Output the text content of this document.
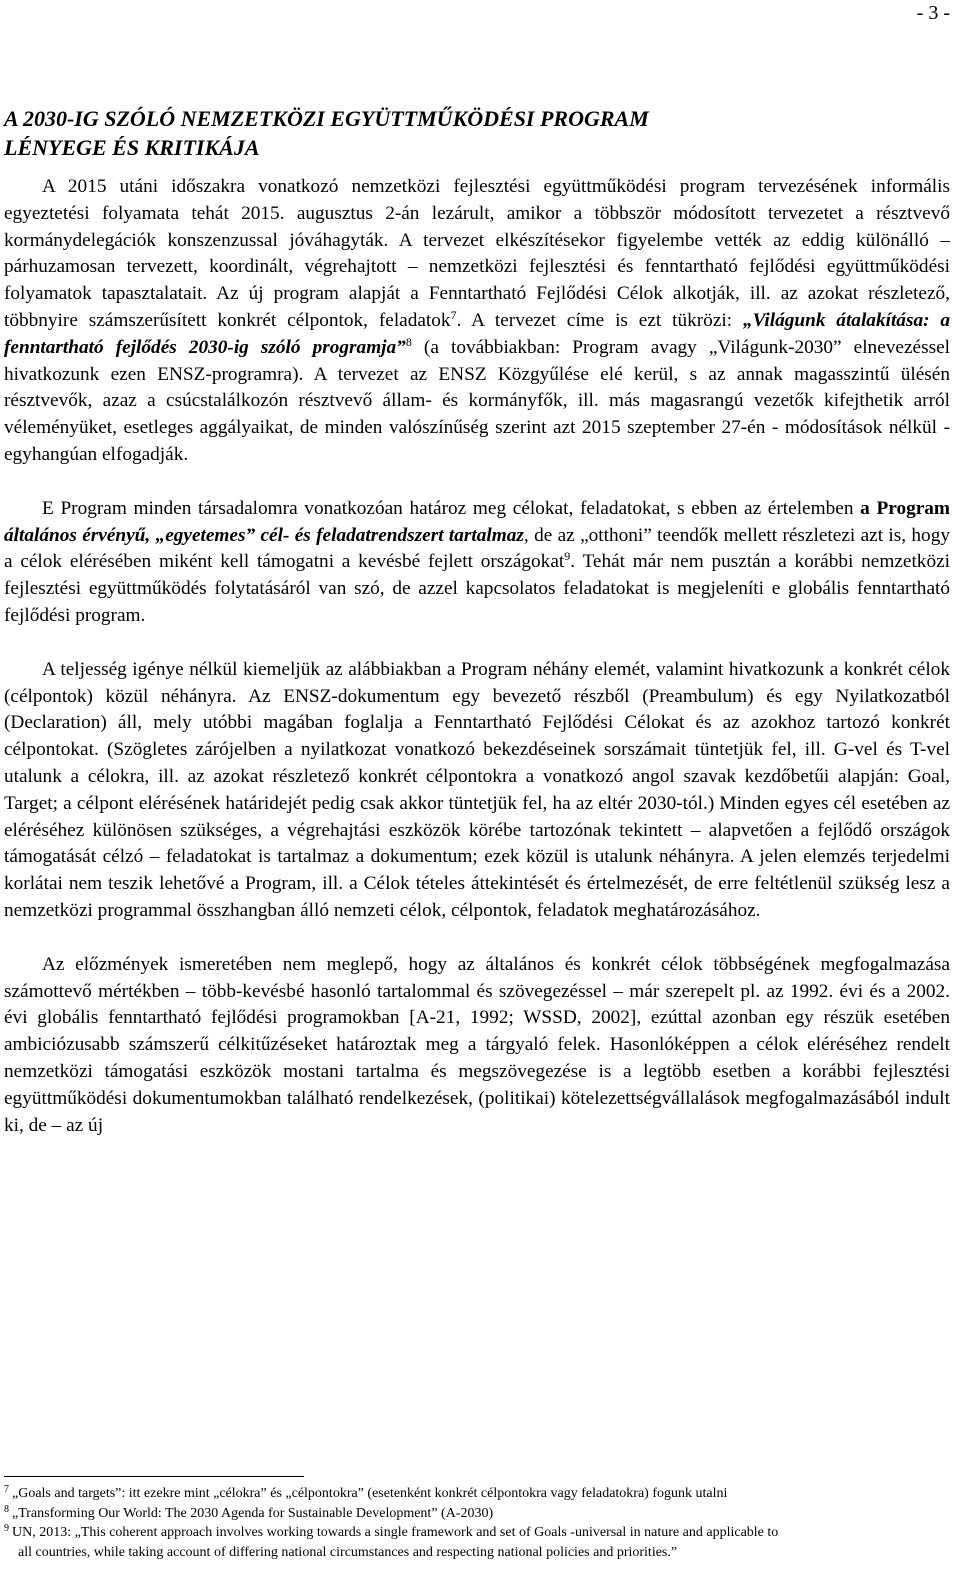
- 3 -
A 2030-IG SZÓLÓ NEMZETKÖZI EGYÜTTMŰKÖDÉSI PROGRAM
LÉNYEGE ÉS KRITIKÁJA

A 2015 utáni időszakra vonatkozó nemzetközi fejlesztési együttműködési program tervezésének informális egyeztetési folyamata tehát 2015. augusztus 2-án lezárult, amikor a többször módosított tervezetet a résztvevő kormánydelegációk konszenzussal jóváhagyták. A tervezet elkészítésekor figyelembe vették az eddig különálló – párhuzamosan tervezett, koordinált, végrehajtott – nemzetközi fejlesztési és fenntartható fejlődési együttműködési folyamatok tapasztalatait. Az új program alapját a Fenntartható Fejlődési Célok alkotják, ill. az azokat részletező, többnyire számszerűsített konkrét célpontok, feladatok$^7$. A tervezet címe is ezt tükrözi: „Világunk átalakítása: a fenntartható fejlődés 2030-ig szóló programja”$^8$ (a továbbiakban: Program avagy „Világunk-2030” elnevezéssel hivatkozunk ezen ENSZ-programra). A tervezet az ENSZ Közgyűlése elé kerül, s az annak magasszintű ülésén résztvevők, azaz a csúcstalálkozón résztvevő állam- és kormányfők, ill. más magasrangú vezetők kifejthetik arról véleményüket, esetleges aggályaikat, de minden valószínűség szerint azt 2015 szeptember 27-én - módosítások nélkül - egyhangúan elfogadják.

E Program minden társadalomra vonatkozóan határoz meg célokat, feladatokat, s ebben az értelemben a Program általános érvényű, „egyetemes” cél- és feladatrendszert tartalmaz, de az „otthoni” teendők mellett részletezi azt is, hogy a célok elérésében miként kell támogatni a kevésbé fejlett országokat$^9$. Tehát már nem pusztán a korábbi nemzetközi fejlesztési együttműködés folytatásáról van szó, de azzel kapcsolatos feladatokat is megjeleníti e globális fenntartható fejlődési program.

A teljesség igénye nélkül kiemeljük az alábbiakban a Program néhány elemét, valamint hivatkozunk a konkrét célok (célpontok) közül néhányra. Az ENSZ-dokumentum egy bevezető részből (Preambulum) és egy Nyilatkozatból (Declaration) áll, mely utóbbi magában foglalja a Fenntartható Fejlődési Célokat és az azokhoz tartozó konkrét célpontokat. (Szögletes zárójelben a nyilatkozat vonatkozó bekezdéseinek sorszámait tüntetjük fel, ill. G-vel és T-vel utalunk a célokra, ill. az azokat részletező konkrét célpontokra a vonatkozó angol szavak kezdőbetűi alapján: Goal, Target; a célpont elérésének határidejét pedig csak akkor tüntetjük fel, ha az eltér 2030-tól.) Minden egyes cél esetében az eléréséhez különösen szükséges, a végrehajtási eszközök körébe tartozónak tekintett – alapvetően a fejlődő országok támogatását célzó – feladatokat is tartalmaz a dokumentum; ezek közül is utalunk néhányra. A jelen elemzés terjedelmi korlátai nem teszik lehetővé a Program, ill. a Célok tételes áttekintését és értelmezését, de erre feltétlenül szükség lesz a nemzetközi programmal összhangban álló nemzeti célok, célpontok, feladatok meghatározásához.

Az előzmények ismeretében nem meglepő, hogy az általános és konkrét célok többségének megfogalmazása számottevő mértékben – több-kevésbé hasonló tartalommal és szövegezéssel – már szerepelt pl. az 1992. évi és a 2002. évi globális fenntartható fejlődési programokban [A-21, 1992; WSSD, 2002], ezúttal azonban egy részük esetében ambiciózusabb számszerű célkitűzéseket határoztak meg a tárgyaló felek. Hasonlóképpen a célok eléréséhez rendelt nemzetközi támogatási eszközök mostani tartalma és megszövegezése is a legtöbb esetben a korábbi fejlesztési együttműködési dokumentumokban található rendelkezések, (politikai) kötelezettségvállalások megfogalmazásából indult ki, de – az új

$^7$ „Goals and targets”: itt ezekre mint „célokra” és „célpontokra” (esetenként konkrét célpontokra vagy feladatokra) fogunk utalni
$^8$ „Transforming Our World: The 2030 Agenda for Sustainable Development” (A-2030)
$^9$ UN, 2013: „This coherent approach involves working towards a single framework and set of Goals -universal in nature and applicable to
all countries, while taking account of differing national circumstances and respecting national policies and priorities.”
